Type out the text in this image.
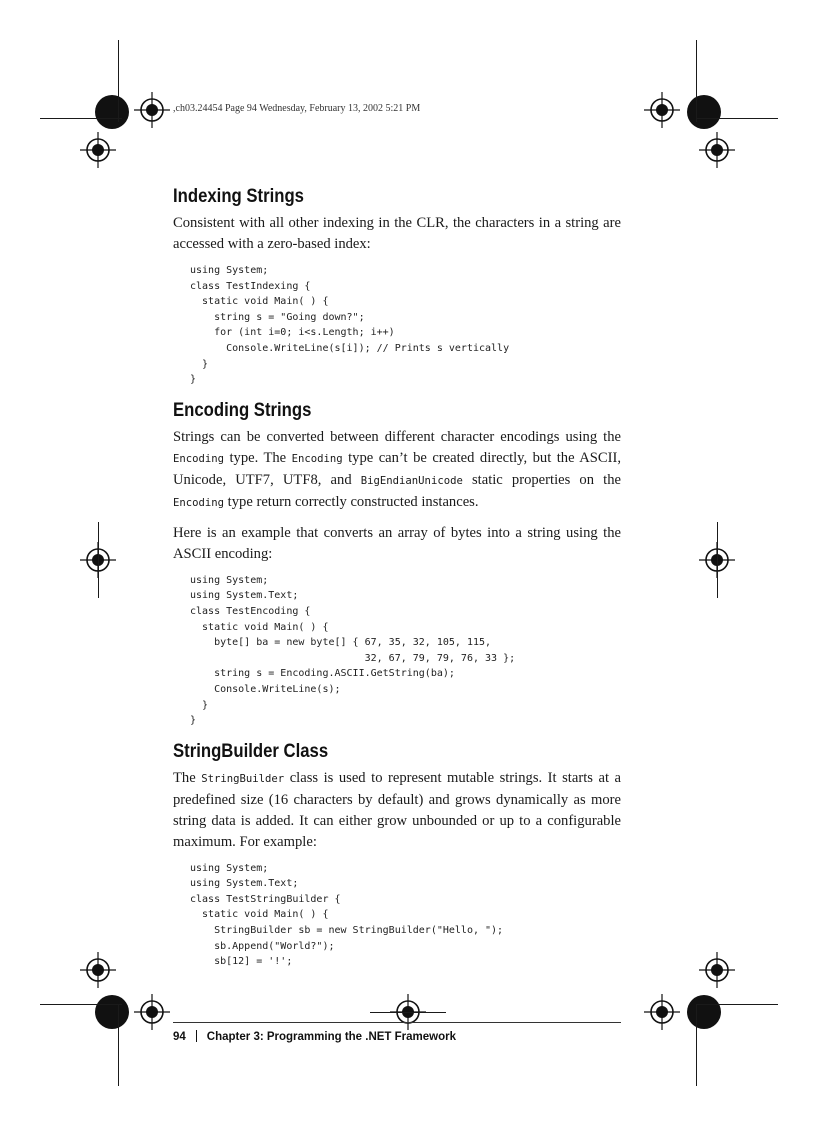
,ch03.24454 Page 94 Wednesday, February 13, 2002 5:21 PM
Indexing Strings

Consistent with all other indexing in the CLR, the characters in a string are accessed with a zero-based index:

using System;
class TestIndexing {
static void Main( ) {
string s = "Going down?";
for (int i=0; i<s.Length; i++)
Console.WriteLine(s[i]); // Prints s vertically
}
}
Encoding Strings

Strings can be converted between different character encodings using the Encoding type. The Encoding type can’t be created directly, but the ASCII, Unicode, UTF7, UTF8, and BigEndianUnicode static properties on the Encoding type return correctly constructed instances.

Here is an example that converts an array of bytes into a string using the ASCII encoding:

using System;
using System.Text;
class TestEncoding {
static void Main( ) {
byte[] ba = new byte[] { 67, 35, 32, 105, 115,
32, 67, 79, 79, 76, 33 };
string s = Encoding.ASCII.GetString(ba);
Console.WriteLine(s);
}
}
StringBuilder Class

The StringBuilder class is used to represent mutable strings. It starts at a predefined size (16 characters by default) and grows dynamically as more string data is added. It can either grow unbounded or up to a configurable maximum. For example:

using System;
using System.Text;
class TestStringBuilder {
static void Main( ) {
StringBuilder sb = new StringBuilder("Hello, ");
sb.Append("World?");
sb[12] = '!';
94 Chapter 3: Programming the .NET Framework
